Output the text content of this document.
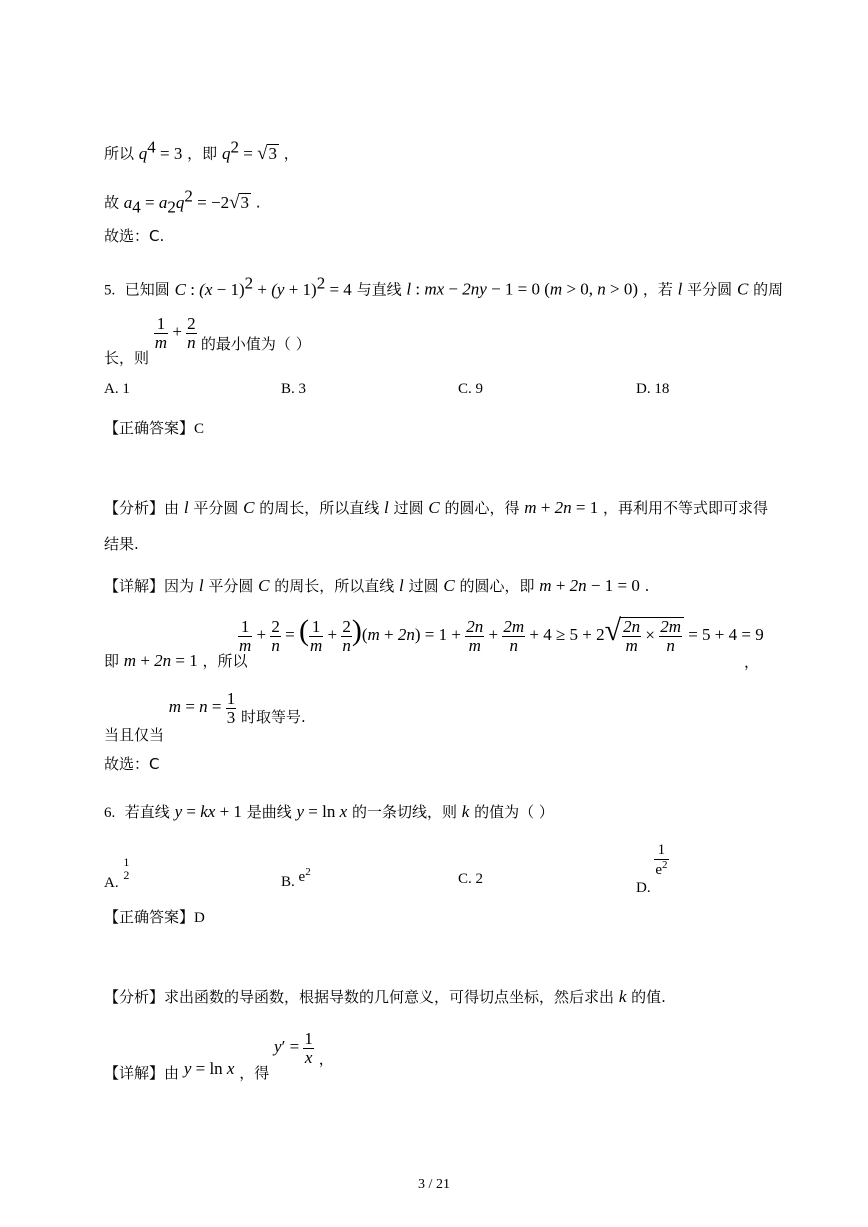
所以 $q^4 = 3$ ，即 $q^2 = √3$ ，
故 $a_4 = a_2q^2 = -2√3$ .
故选：C.
5. 已知圆 C : $(x - 1)^2 + (y + 1)^2 = 4$ 与直线 l : mx − 2ny − 1 = 0 (m > 0, n > 0) ，若 l 平分圆 C 的周
长，则
$\frac{1}{m} + \frac{2}{n}$ 的最小值为（ ）
A. 1	B. 3	C. 9	D. 18
【正确答案】C
【分析】由 l 平分圆 C 的周长，所以直线 l 过圆 C 的圆心，得 m + 2n = 1 ，再利用不等式即可求得
结果.
【详解】因为 l 平分圆 C 的周长，所以直线 l 过圆 C 的圆心，即 m + 2n − 1 = 0 .
即 m + 2n = 1 ，所以
$\frac{1}{m} + \frac{2}{n}$ = ( $\frac{1}{m} + \frac{2}{n} )(m + 2n) = 1 + \frac{2n}{m} + \frac{2m}{n} + 4 \ge 5 + 2√ \frac{2n}{m} \times \frac{2m}{n} = 5 + 4 = 9$
，
当且仅当 $m = n = \frac{1}{3}$ 时取等号.
故选：C
6. 若直线 y = kx + 1 是曲线 y = ln x 的一条切线，则 k 的值为（ ）
A.
1
2	B. $e^2$	C. 2
D.
$\frac{1}{e^2}$
【正确答案】D
【分析】求出函数的导函数，根据导数的几何意义，可得切点坐标，然后求出 k 的值.
【详解】由 y = ln x ，得 $y' = \frac{1}{x}$ ，
3 / 21
